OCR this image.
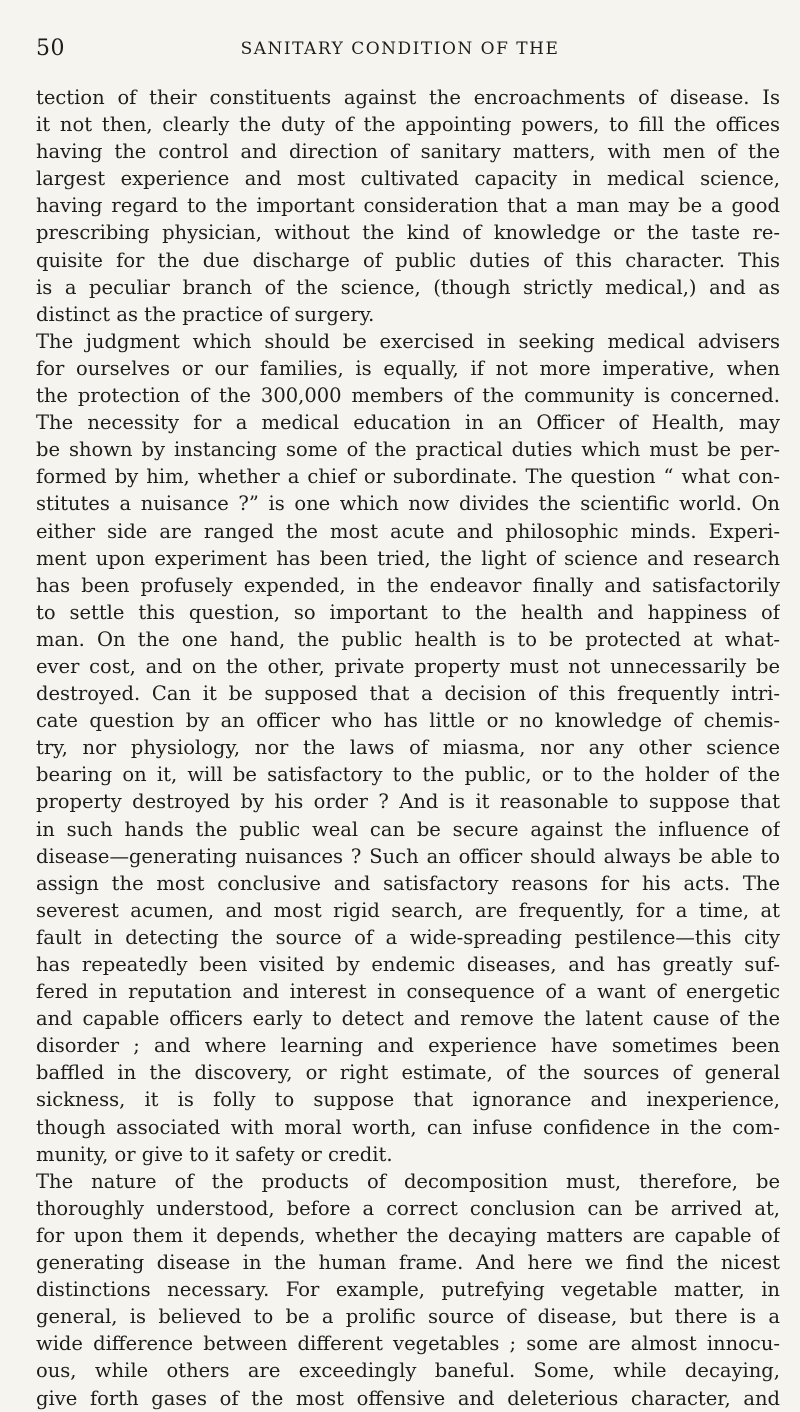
50	SANITARY CONDITION OF THE
tection of their constituents against the encroachments of disease. Is
it not then, clearly the duty of the appointing powers, to fill the offices
having the control and direction of sanitary matters, with men of the
largest experience and most cultivated capacity in medical science,
having regard to the important consideration that a man may be a good
prescribing physician, without the kind of knowledge or the taste re-
quisite for the due discharge of public duties of this character. This
is a peculiar branch of the science, (though strictly medical,) and as
distinct as the practice of surgery.
The judgment which should be exercised in seeking medical advisers
for ourselves or our families, is equally, if not more imperative, when
the protection of the 300,000 members of the community is concerned.
The necessity for a medical education in an Officer of Health, may
be shown by instancing some of the practical duties which must be per-
formed by him, whether a chief or subordinate. The question “ what con-
stitutes a nuisance ?” is one which now divides the scientific world. On
either side are ranged the most acute and philosophic minds. Experi-
ment upon experiment has been tried, the light of science and research
has been profusely expended, in the endeavor finally and satisfactorily
to settle this question, so important to the health and happiness of
man. On the one hand, the public health is to be protected at what-
ever cost, and on the other, private property must not unnecessarily be
destroyed. Can it be supposed that a decision of this frequently intri-
cate question by an officer who has little or no knowledge of chemis-
try, nor physiology, nor the laws of miasma, nor any other science
bearing on it, will be satisfactory to the public, or to the holder of the
property destroyed by his order ? And is it reasonable to suppose that
in such hands the public weal can be secure against the influence of
disease—generating nuisances ? Such an officer should always be able to
assign the most conclusive and satisfactory reasons for his acts. The
severest acumen, and most rigid search, are frequently, for a time, at
fault in detecting the source of a wide-spreading pestilence—this city
has repeatedly been visited by endemic diseases, and has greatly suf-
fered in reputation and interest in consequence of a want of energetic
and capable officers early to detect and remove the latent cause of the
disorder ; and where learning and experience have sometimes been
baffled in the discovery, or right estimate, of the sources of general
sickness, it is folly to suppose that ignorance and inexperience,
though associated with moral worth, can infuse confidence in the com-
munity, or give to it safety or credit.
The nature of the products of decomposition must, therefore, be
thoroughly understood, before a correct conclusion can be arrived at,
for upon them it depends, whether the decaying matters are capable of
generating disease in the human frame. And here we find the nicest
distinctions necessary. For example, putrefying vegetable matter, in
general, is believed to be a prolific source of disease, but there is a
wide difference between different vegetables ; some are almost innocu-
ous, while others are exceedingly baneful. Some, while decaying,
give forth gases of the most offensive and deleterious character, and
